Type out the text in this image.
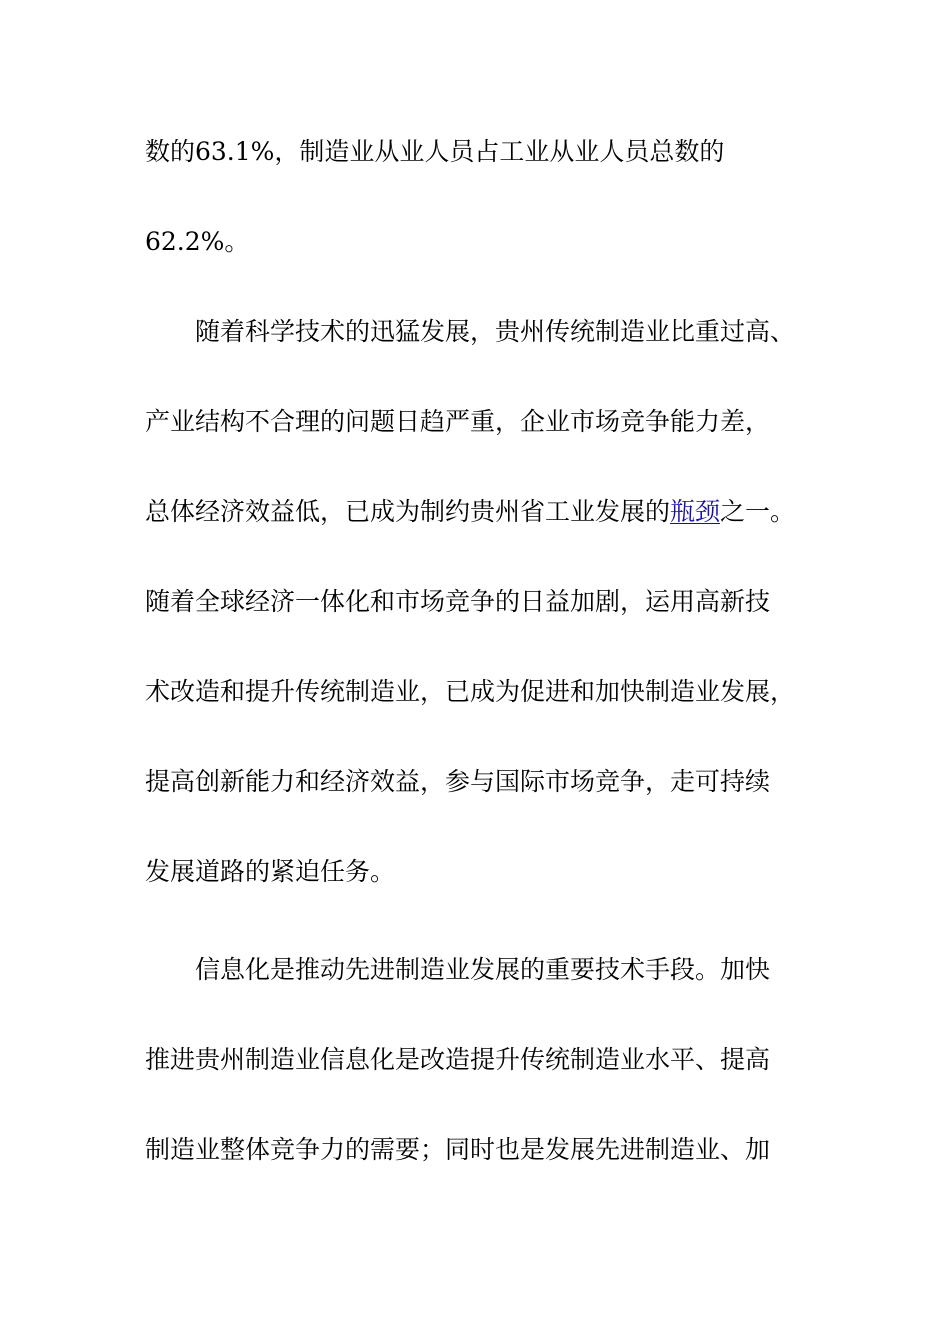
数的63.1%，制造业从业人员占工业从业人员总数的
62.2%。
随着科学技术的迅猛发展，贵州传统制造业比重过高、
产业结构不合理的问题日趋严重，企业市场竞争能力差，
总体经济效益低，已成为制约贵州省工业发展的瓶颈之一。
随着全球经济一体化和市场竞争的日益加剧，运用高新技
术改造和提升传统制造业，已成为促进和加快制造业发展，
提高创新能力和经济效益，参与国际市场竞争，走可持续
发展道路的紧迫任务。
信息化是推动先进制造业发展的重要技术手段。加快
推进贵州制造业信息化是改造提升传统制造业水平、提高
制造业整体竞争力的需要；同时也是发展先进制造业、加
